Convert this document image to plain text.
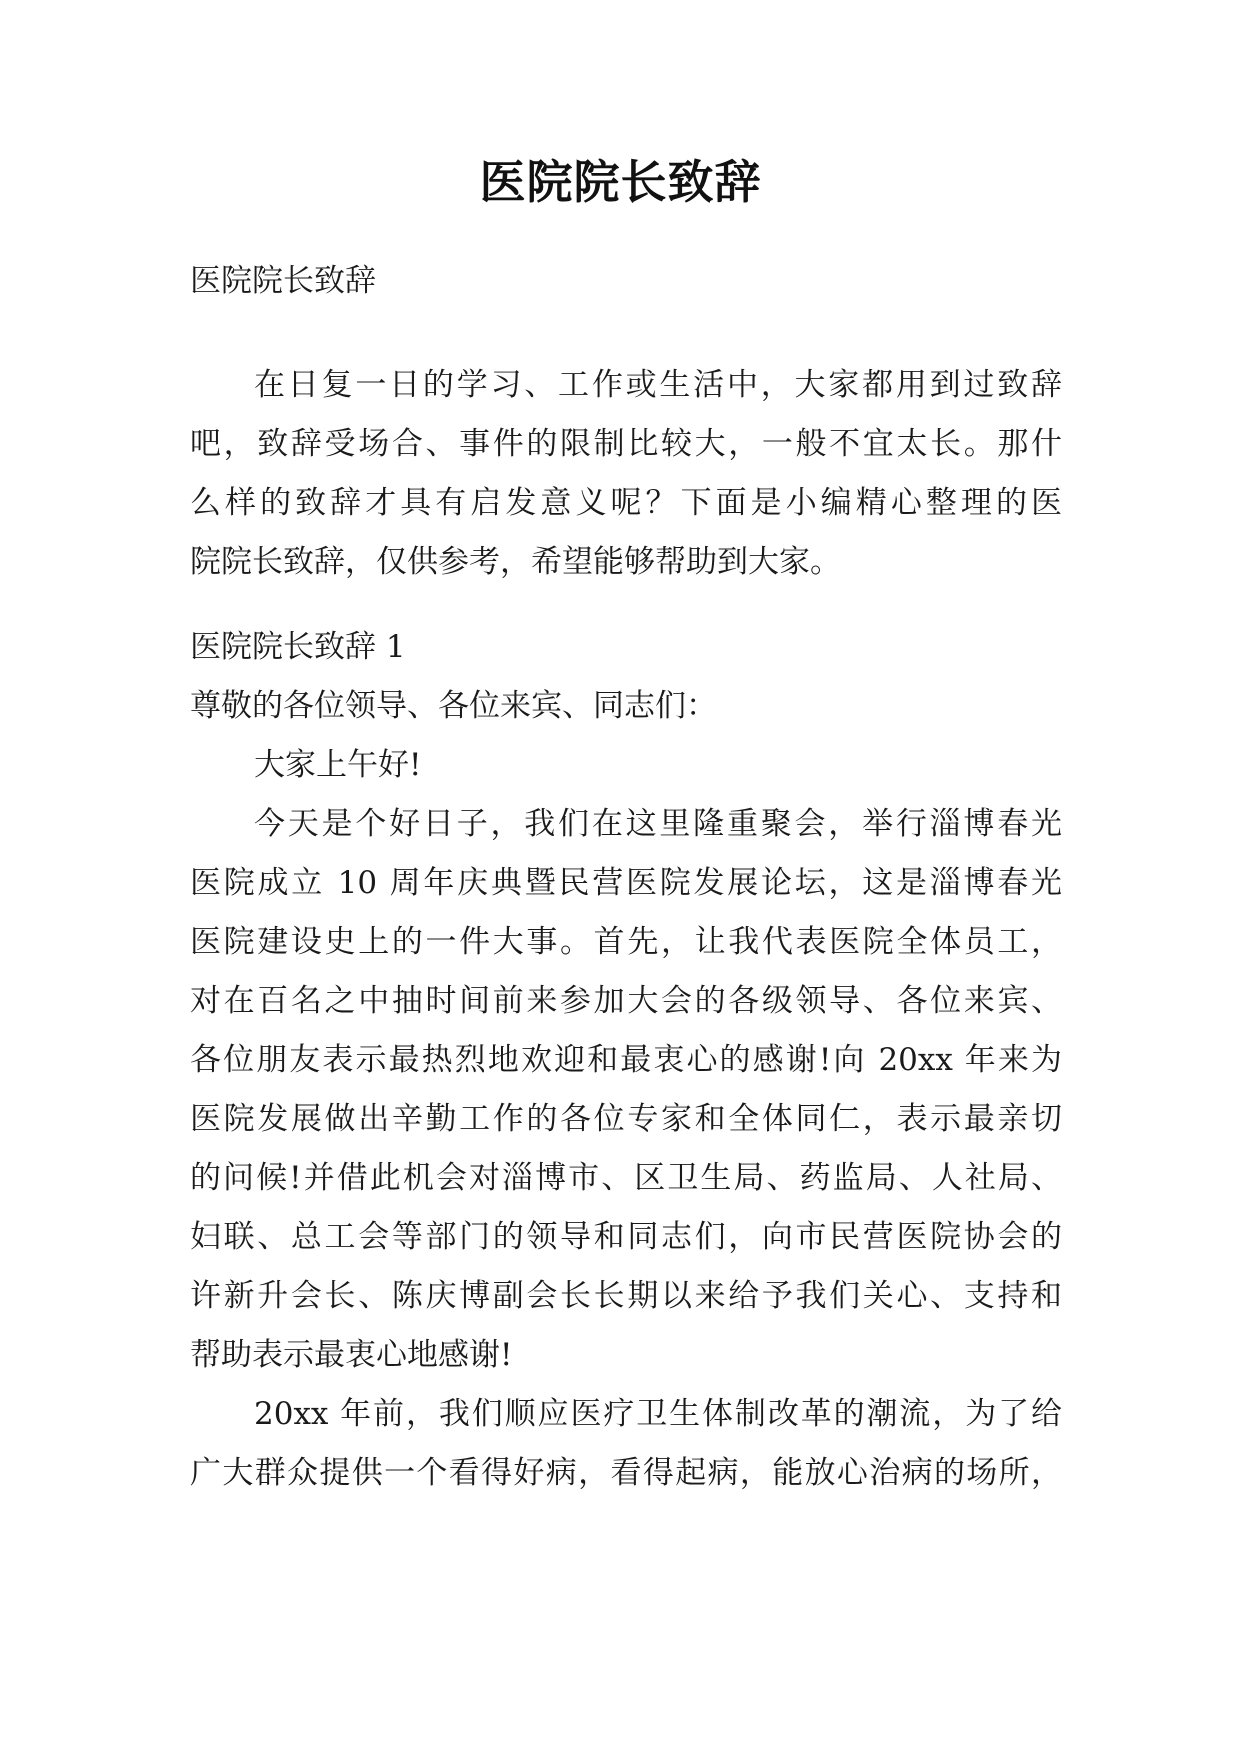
医院院长致辞
医院院长致辞
在日复一日的学习、工作或生活中，大家都用到过致辞
吧，致辞受场合、事件的限制比较大，一般不宜太长。那什
么样的致辞才具有启发意义呢？下面是小编精心整理的医
院院长致辞，仅供参考，希望能够帮助到大家。
医院院长致辞 1
尊敬的各位领导、各位来宾、同志们：
大家上午好!
今天是个好日子，我们在这里隆重聚会，举行淄博春光
医院成立 10 周年庆典暨民营医院发展论坛，这是淄博春光
医院建设史上的一件大事。首先，让我代表医院全体员工，
对在百名之中抽时间前来参加大会的各级领导、各位来宾、
各位朋友表示最热烈地欢迎和最衷心的感谢!向 20xx 年来为
医院发展做出辛勤工作的各位专家和全体同仁，表示最亲切
的问候!并借此机会对淄博市、区卫生局、药监局、人社局、
妇联、总工会等部门的领导和同志们，向市民营医院协会的
许新升会长、陈庆博副会长长期以来给予我们关心、支持和
帮助表示最衷心地感谢!
20xx 年前，我们顺应医疗卫生体制改革的潮流，为了给
广大群众提供一个看得好病，看得起病，能放心治病的场所，
